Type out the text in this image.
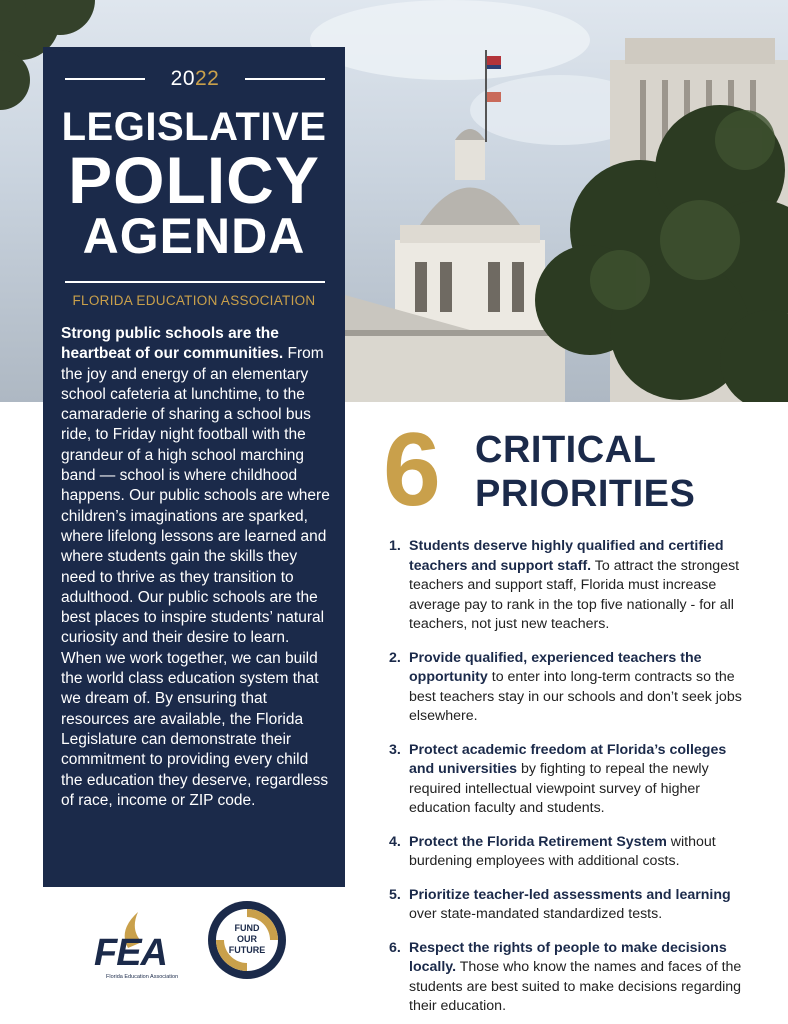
2022
LEGISLATIVE
POLICY
AGENDA
FLORIDA EDUCATION ASSOCIATION
Strong public schools are the heartbeat of our communities. From the joy and energy of an elementary school cafeteria at lunchtime, to the camaraderie of sharing a school bus ride, to Friday night football with the grandeur of a high school marching band — school is where childhood happens. Our public schools are where children’s imaginations are sparked, where lifelong lessons are learned and where students gain the skills they need to thrive as they transition to adulthood. Our public schools are the best places to inspire students’ natural curiosity and their desire to learn. When we work together, we can build the world class education system that we dream of. By ensuring that resources are available, the Florida Legislature can demonstrate their commitment to providing every child the education they deserve, regardless of race, income or ZIP code.
6 CRITICAL
PRIORITIES
1. Students deserve highly qualified and certified teachers and support staff. To attract the strongest teachers and support staff, Florida must increase average pay to rank in the top five nationally - for all teachers, not just new teachers.
2. Provide qualified, experienced teachers the opportunity to enter into long-term contracts so the best teachers stay in our schools and don’t seek jobs elsewhere.
3. Protect academic freedom at Florida’s colleges and universities by fighting to repeal the newly required intellectual viewpoint survey of higher education faculty and students.
4. Protect the Florida Retirement System without burdening employees with additional costs.
5. Prioritize teacher-led assessments and learning over state-mandated standardized tests.
6. Respect the rights of people to make decisions locally. Those who know the names and faces of the students are best suited to make decisions regarding their education.
FEA
Florida Education Association
FUND
OUR
FUTURE
